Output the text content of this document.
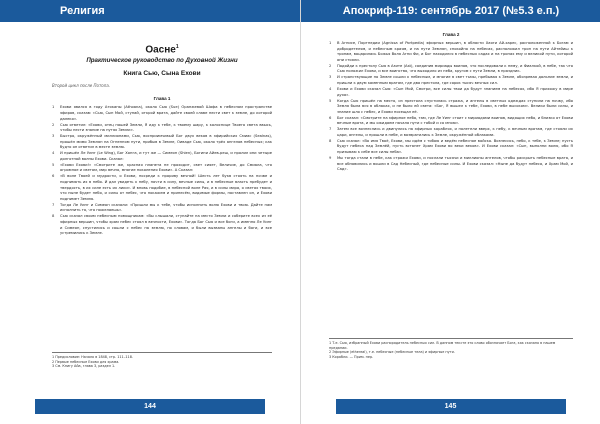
Религия
Оасне$^1$
Практическое руководство по Духовной Жизни
Книга Сью, Сына Ехови
Второй цикл после Потопа.
Глава 1
1	Ехови явился в году Атоканы (Athoana), около Сью (Sue) Оранжевой Шафа в небесном пространстве эфиров, сказав: «Сью, Сын Мой, ступай, открой врата, дайте своей славе нести свет к земле, до которой далеко».
2	Сью ответил: «Ехови, отец нашей Земли, Я иду к тебе, к твоему шару, к колоснице Твоего света ввысь, чтобы нести знание на путях Земли».
3	Быстро, окружённый миллионами, Сью, восприимчивый Бог двух веков в эфирийских Смиас (Sealnas), прошёл мимо Землян на Огненном пути, прибыв в Земле, Оиваде Сью, около трёх ангелов небесных; как будто он ответил в месте землю.
4	И пришёл Ле Уинг (Le Wing), Бог Хонга, и тут же — Симеон (Shien), Богини Айев-реш, и пролил они четыре долготной волны Ехови. Сказал:
5	«Ехови Ехови!» «Смотрите же, красная планета не проходит, свет сияет, Величие, до Смиала, что огромное и светом, мир вечно, многие поколения Ехови». А Сказал:
6	«В воле Твоей и мудрости, о Ехови, посреди к прориву вечной! Шесть лет букв стоять на почве и поднимать их в небо. И дал увидеть к небу, почти в силу, вечные силы, и в небесные власть пребудет и твердость, в их силе есть их лики». И вновь подобие, в небесной воле Рая, и в силы мира, о светах твоих, что ныне будет небо, и силы от небес, что покажем и принесём, видимые формы, поставлен он, и Ехови поднимет Землю.
7	Тогда Ле Уинг и Симеон сказали: «Пришли мы к тебе, чтобы исполнить волю Ехови и твою. Дайте нам исполнить то, что пожелаешь».
8	Сью сказал своим небесным помощникам: «Вы слышали, ступайте на место Земли и соберите всех из её эфирных вершин, чтобы храм небес стоял в вечности, Ехови». Тогда Бог Сью и все боги, а именно Ле Уинг и Симеон, спустились и сошли с небес на землю, по словам, и были вызваны ангелы и боги, и все устремились к Земле.
1 Предисловие: Начало в 1848, стр. 111–118.
2 Первые небесные Ехови для храма.
3 См. Книгу Айа, глава 3, раздел 1.
144
Апокриф-119: сентябрь 2017 (№5.3 е.п.)
Глава 2
1	В Агнисе, Портпедии (Agnissa of Portpedia) эфирных вершин, в области Хаяги Ай-харес, расположенной к Богам и добродетелям, и небесным краям, и на пути Землян, спокойно на небесах, расположил трон на пути Айтейиш к тронам, воцарилась Божья Воля Агни Фи, и Бог находился в небесных садах и на тронах ему и великой пути, которой они стояли.
2	Подойди к престолу Сью в Азите (Ast), соединив мириады воинов, что последовали к нему, и Фиалкой, в небе, так что Сью положил Ехови, и все воинство, что выходило из неба, кругом с пути Земли, в праздник.
3	И странствующие по Земле сошли к небесным, и многие в свет тьмы, пребывая к Земле, обозревая дальние земли, и пришли к двум каменным вратам, где два престола, где сорок тысяч вечных сил.
4	Ехови и Ехови сказал Сью: «Сын Мой, Смотри, все силы твои да будут знанием на небесах, ибо Я прихожу в мире духа».
5	Когда Сью пришёл на место, из престола спустилась стража, и ангелы в светлых одеждах ступили на почву, ибо Земля была вся в облаках, и не было ей света: «Бог, Я вышел к тебе, Ехови, в небе высоком». Велики были силы, и знание шло с небес, и Ехови посещал её.
6	Бог сказал: «Смотрите на эфирное небо, там, где Ле Уинг стоит с мириадами воинов, видящих небо, и близко от Ехови вечные врата, и мы ожидаем начала пути с тобой и со мною».
7	Затем все вознеслись и двинулись на эфирных кораблях, и полетели вверх, к небу, к вечным вратам, где стояли их цари, ангелы, и прошли в небе, и возвратились к Земле, окружённой облаками.
8	Сью сказал: «Во имя Твоё, Ехови, мы идём с тобою и ведём небесное войско. Вознесись, небо, к тебе, к Земле; пусть будут небеса над Землёй, пусть встанет Храм Ехови во веки веков». И Ехови сказал: «Сын, выполни волю, ибо Я призываю к себе все силы неба».
9	Мы тогда стали в небе, как стражи Ехови, и послали тысячи и миллионы ангелов, чтобы раскрыть небесные врата, и все обновились и вошли в Сад Небесный, где небесные силы. И Ехови сказал: «Ныне да будут небеса, и Храм Мой, и Сад».
1 Т.е. Сью, избранный Ехови распорядитель небесных сил. В данном тексте это слово обозначает Бога, как сказано в нашем предании.
2 Эфирные (ethereal), т.е. небесные (небесные тела) и эфирные пути.
3 Корабли. — Прим. пер.
145
